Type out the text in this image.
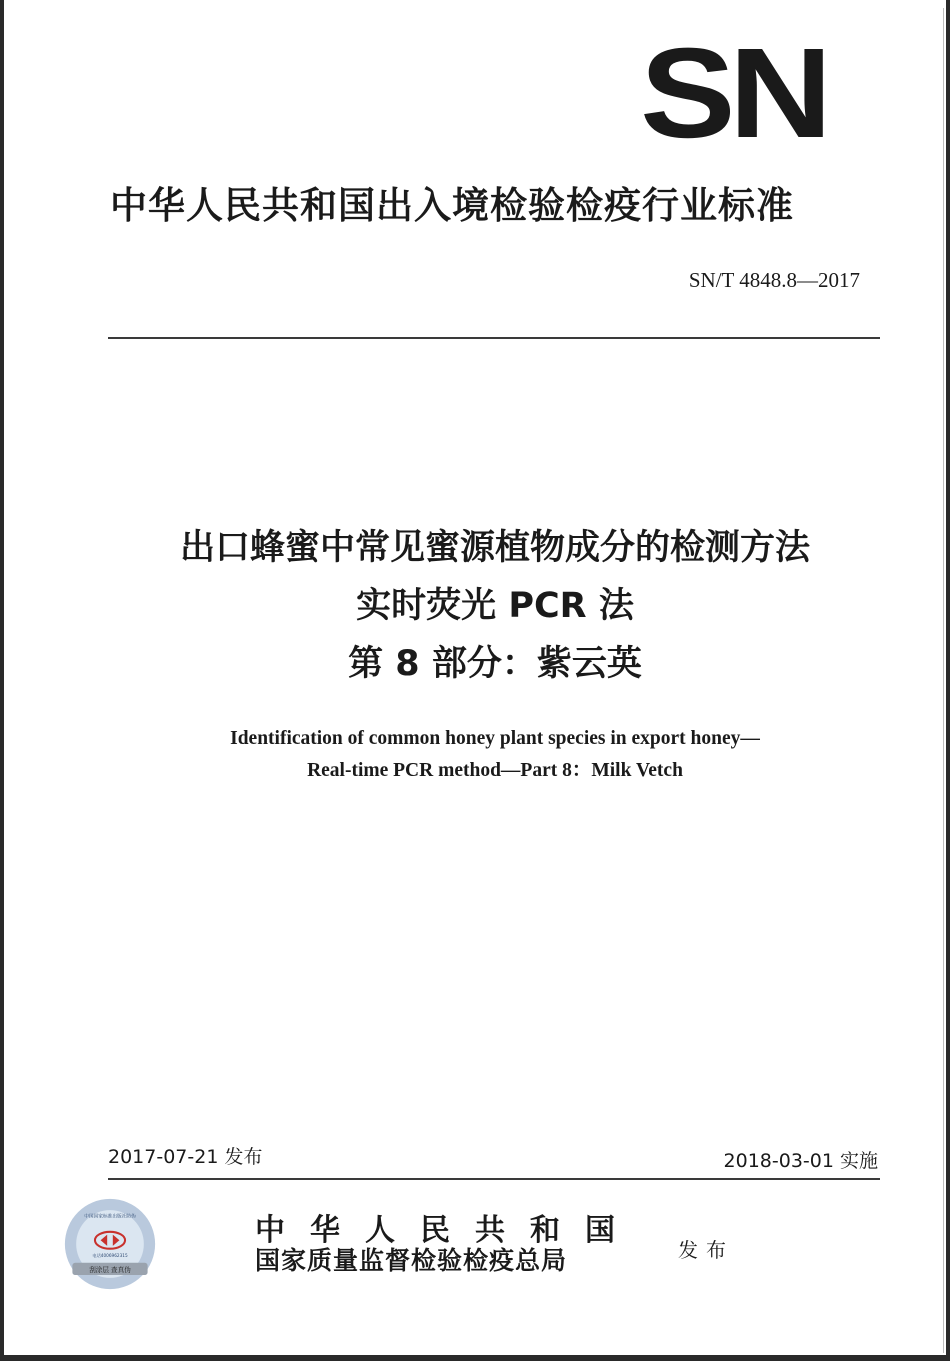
SN
中华人民共和国出入境检验检疫行业标准
SN/T 4848.8—2017
出口蜂蜜中常见蜜源植物成分的检测方法
实时荧光 PCR 法
第 8 部分：紫云英
Identification of common honey plant species in export honey—
Real-time PCR method—Part 8：Milk Vetch
2017-07-21 发布	2018-03-01 实施
中国国家标准出版社防伪
电话4006962315
刮涂层 查真伪
中华人民共和国
国家质量监督检验检疫总局	发布
